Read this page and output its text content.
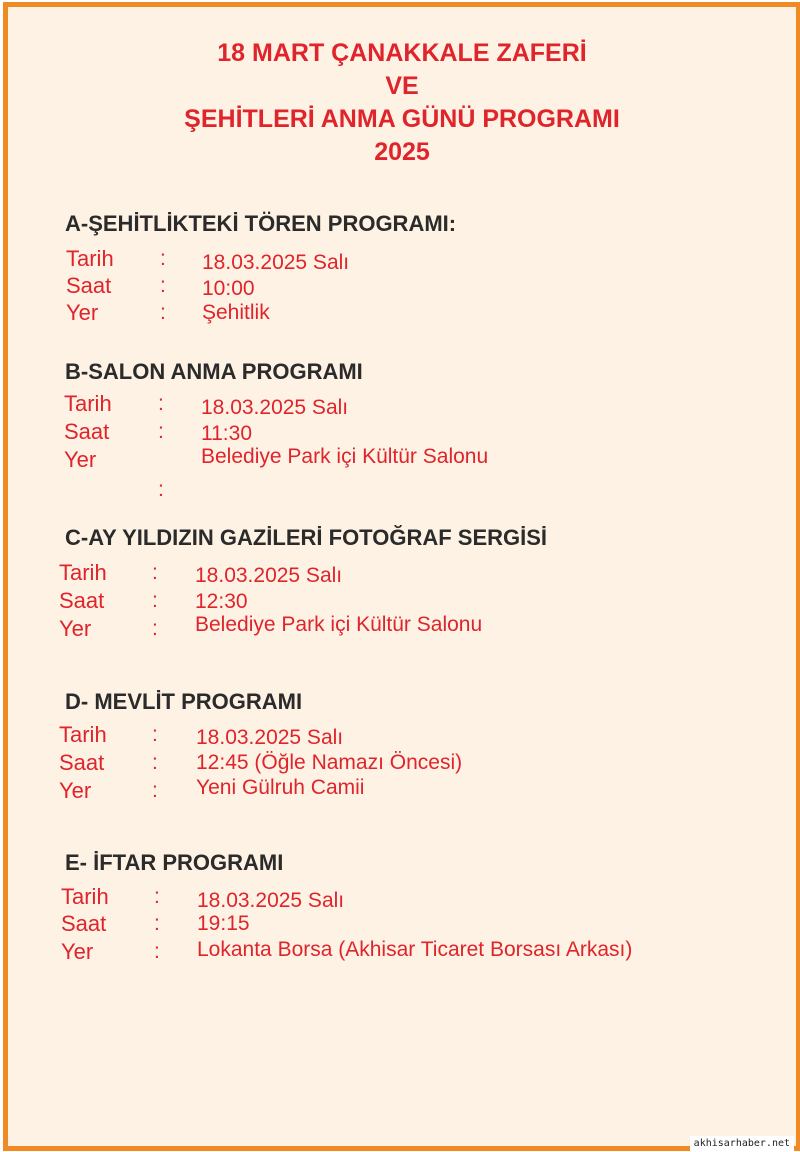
18 MART ÇANAKKALE ZAFERİ
VE
ŞEHİTLERİ ANMA GÜNÜ PROGRAMI
2025
A-ŞEHİTLİKTEKİ TÖREN PROGRAMI:
Tarih : 18.03.2025 Salı
Saat : 10:00
Yer	: Şehitlik
B-SALON ANMA PROGRAMI
Tarih : 18.03.2025 Salı
Saat : 11:30
Yer	Belediye Park içi Kültür Salonu
:
C-AY YILDIZIN GAZİLERİ FOTOĞRAF SERGİSİ
Tarih : 18.03.2025 Salı
Saat : 12:30
Yer	: Belediye Park içi Kültür Salonu
D- MEVLİT PROGRAMI
Tarih : 18.03.2025 Salı
Saat : 12:45 (Öğle Namazı Öncesi)
Yer	: Yeni Gülruh Camii
E- İFTAR PROGRAMI
Tarih : 18.03.2025 Salı
Saat : 19:15
Yer	: Lokanta Borsa (Akhisar Ticaret Borsası Arkası)
akhisarhaber.net
